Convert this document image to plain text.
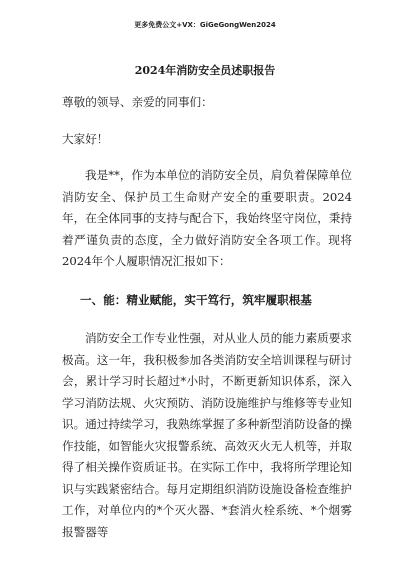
更多免费公文+VX：GiGeGongWen2024
2024年消防安全员述职报告

尊敬的领导、亲爱的同事们：

大家好！

我是**，作为本单位的消防安全员，肩负着保障单位消防安全、保护员工生命财产安全的重要职责。2024年，在全体同事的支持与配合下，我始终坚守岗位，秉持着严谨负责的态度，全力做好消防安全各项工作。现将2024年个人履职情况汇报如下：

一、能：精业赋能，实干笃行，筑牢履职根基

消防安全工作专业性强，对从业人员的能力素质要求极高。这一年，我积极参加各类消防安全培训课程与研讨会，累计学习时长超过*小时，不断更新知识体系，深入学习消防法规、火灾预防、消防设施维护与维修等专业知识。通过持续学习，我熟练掌握了多种新型消防设备的操作技能，如智能火灾报警系统、高效灭火无人机等，并取得了相关操作资质证书。在实际工作中，我将所学理论知识与实践紧密结合。每月定期组织消防设施设备检查维护工作，对单位内的*个灭火器、*套消火栓系统、*个烟雾报警器等
